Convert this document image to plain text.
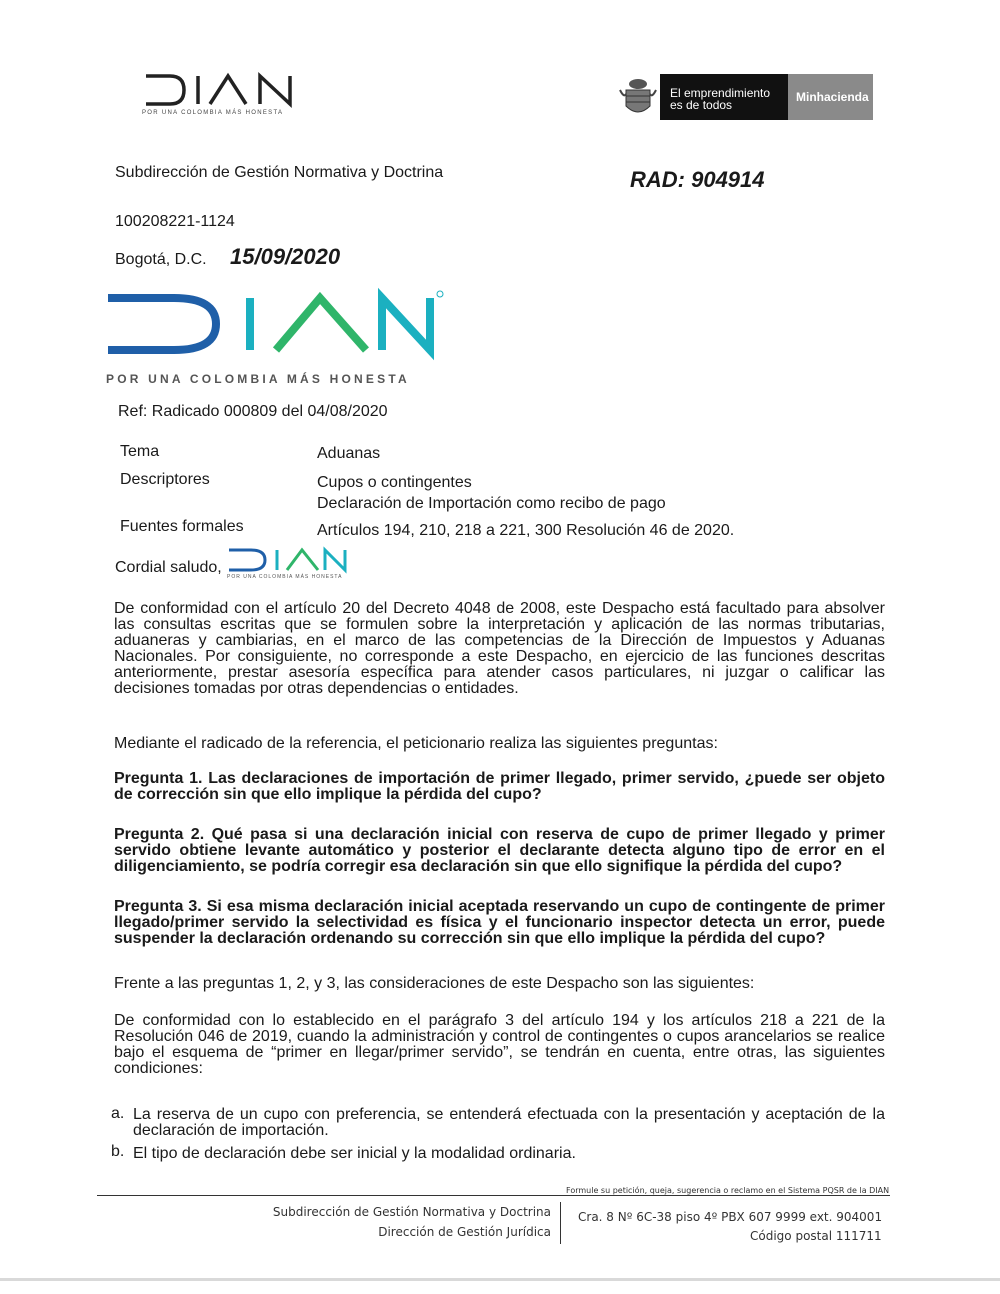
POR UNA COLOMBIA MÁS HONESTA
El emprendimiento
es de todos
Minhacienda
Subdirección de Gestión Normativa y Doctrina	RAD: 904914
100208221-1124
Bogotá, D.C. 15/09/2020
POR UNA COLOMBIA MÁS HONESTA
Ref: Radicado 000809 del 04/08/2020
Tema	Aduanas
Descriptores	Cupos o contingentes
Declaración de Importación como recibo de pago
Fuentes formales	Artículos 194, 210, 218 a 221, 300 Resolución 46 de 2020.
Cordial saludo,
POR UNA COLOMBIA MÁS HONESTA
De conformidad con el artículo 20 del Decreto 4048 de 2008, este Despacho está facultado para absolver las consultas escritas que se formulen sobre la interpretación y aplicación de las normas tributarias, aduaneras y cambiarias, en el marco de las competencias de la Dirección de Impuestos y Aduanas Nacionales. Por consiguiente, no corresponde a este Despacho, en ejercicio de las funciones descritas anteriormente, prestar asesoría específica para atender casos particulares, ni juzgar o calificar las decisiones tomadas por otras dependencias o entidades.
Mediante el radicado de la referencia, el peticionario realiza las siguientes preguntas:
Pregunta 1. Las declaraciones de importación de primer llegado, primer servido, ¿puede ser objeto de corrección sin que ello implique la pérdida del cupo?
Pregunta 2. Qué pasa si una declaración inicial con reserva de cupo de primer llegado y primer servido obtiene levante automático y posterior el declarante detecta alguno tipo de error en el diligenciamiento, se podría corregir esa declaración sin que ello signifique la pérdida del cupo?
Pregunta 3. Si esa misma declaración inicial aceptada reservando un cupo de contingente de primer llegado/primer servido la selectividad es física y el funcionario inspector detecta un error, puede suspender la declaración ordenando su corrección sin que ello implique la pérdida del cupo?
Frente a las preguntas 1, 2, y 3, las consideraciones de este Despacho son las siguientes:
De conformidad con lo establecido en el parágrafo 3 del artículo 194 y los artículos 218 a 221 de la Resolución 046 de 2019, cuando la administración y control de contingentes o cupos arancelarios se realice bajo el esquema de “primer en llegar/primer servido”, se tendrán en cuenta, entre otras, las siguientes condiciones:
a. La reserva de un cupo con preferencia, se entenderá efectuada con la presentación y aceptación de la declaración de importación.
b. El tipo de declaración debe ser inicial y la modalidad ordinaria.
Formule su petición, queja, sugerencia o reclamo en el Sistema PQSR de la DIAN
Subdirección de Gestión Normativa y Doctrina
Dirección de Gestión Jurídica
Cra. 8 Nº 6C-38 piso 4º PBX 607 9999 ext. 904001
Código postal 111711
